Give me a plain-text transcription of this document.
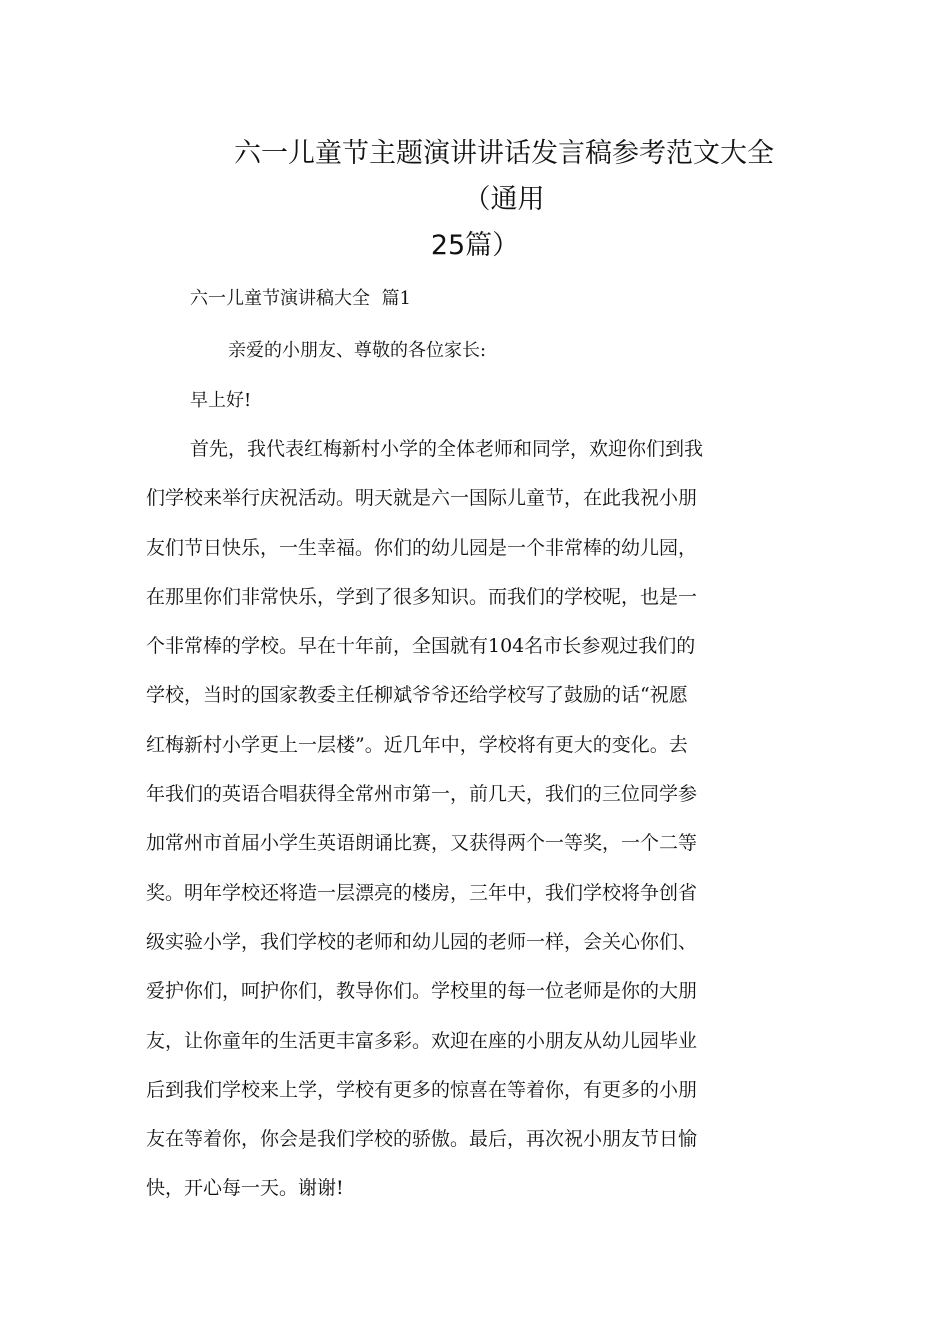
六一儿童节主题演讲讲话发言稿参考范文大全（通用
25篇）
六一儿童节演讲稿大全  篇1
亲爱的小朋友、尊敬的各位家长:
早上好!
首先，我代表红梅新村小学的全体老师和同学，欢迎你们到我
们学校来举行庆祝活动。明天就是六一国际儿童节，在此我祝小朋
友们节日快乐，一生幸福。你们的幼儿园是一个非常棒的幼儿园，
在那里你们非常快乐，学到了很多知识。而我们的学校呢，也是一
个非常棒的学校。早在十年前，全国就有104名市长参观过我们的
学校，当时的国家教委主任柳斌爷爷还给学校写了鼓励的话“祝愿
红梅新村小学更上一层楼”。近几年中，学校将有更大的变化。去
年我们的英语合唱获得全常州市第一，前几天，我们的三位同学参
加常州市首届小学生英语朗诵比赛，又获得两个一等奖，一个二等
奖。明年学校还将造一层漂亮的楼房，三年中，我们学校将争创省
级实验小学，我们学校的老师和幼儿园的老师一样，会关心你们、
爱护你们，呵护你们，教导你们。学校里的每一位老师是你的大朋
友，让你童年的生活更丰富多彩。欢迎在座的小朋友从幼儿园毕业
后到我们学校来上学，学校有更多的惊喜在等着你，有更多的小朋
友在等着你，你会是我们学校的骄傲。最后，再次祝小朋友节日愉
快，开心每一天。谢谢!
